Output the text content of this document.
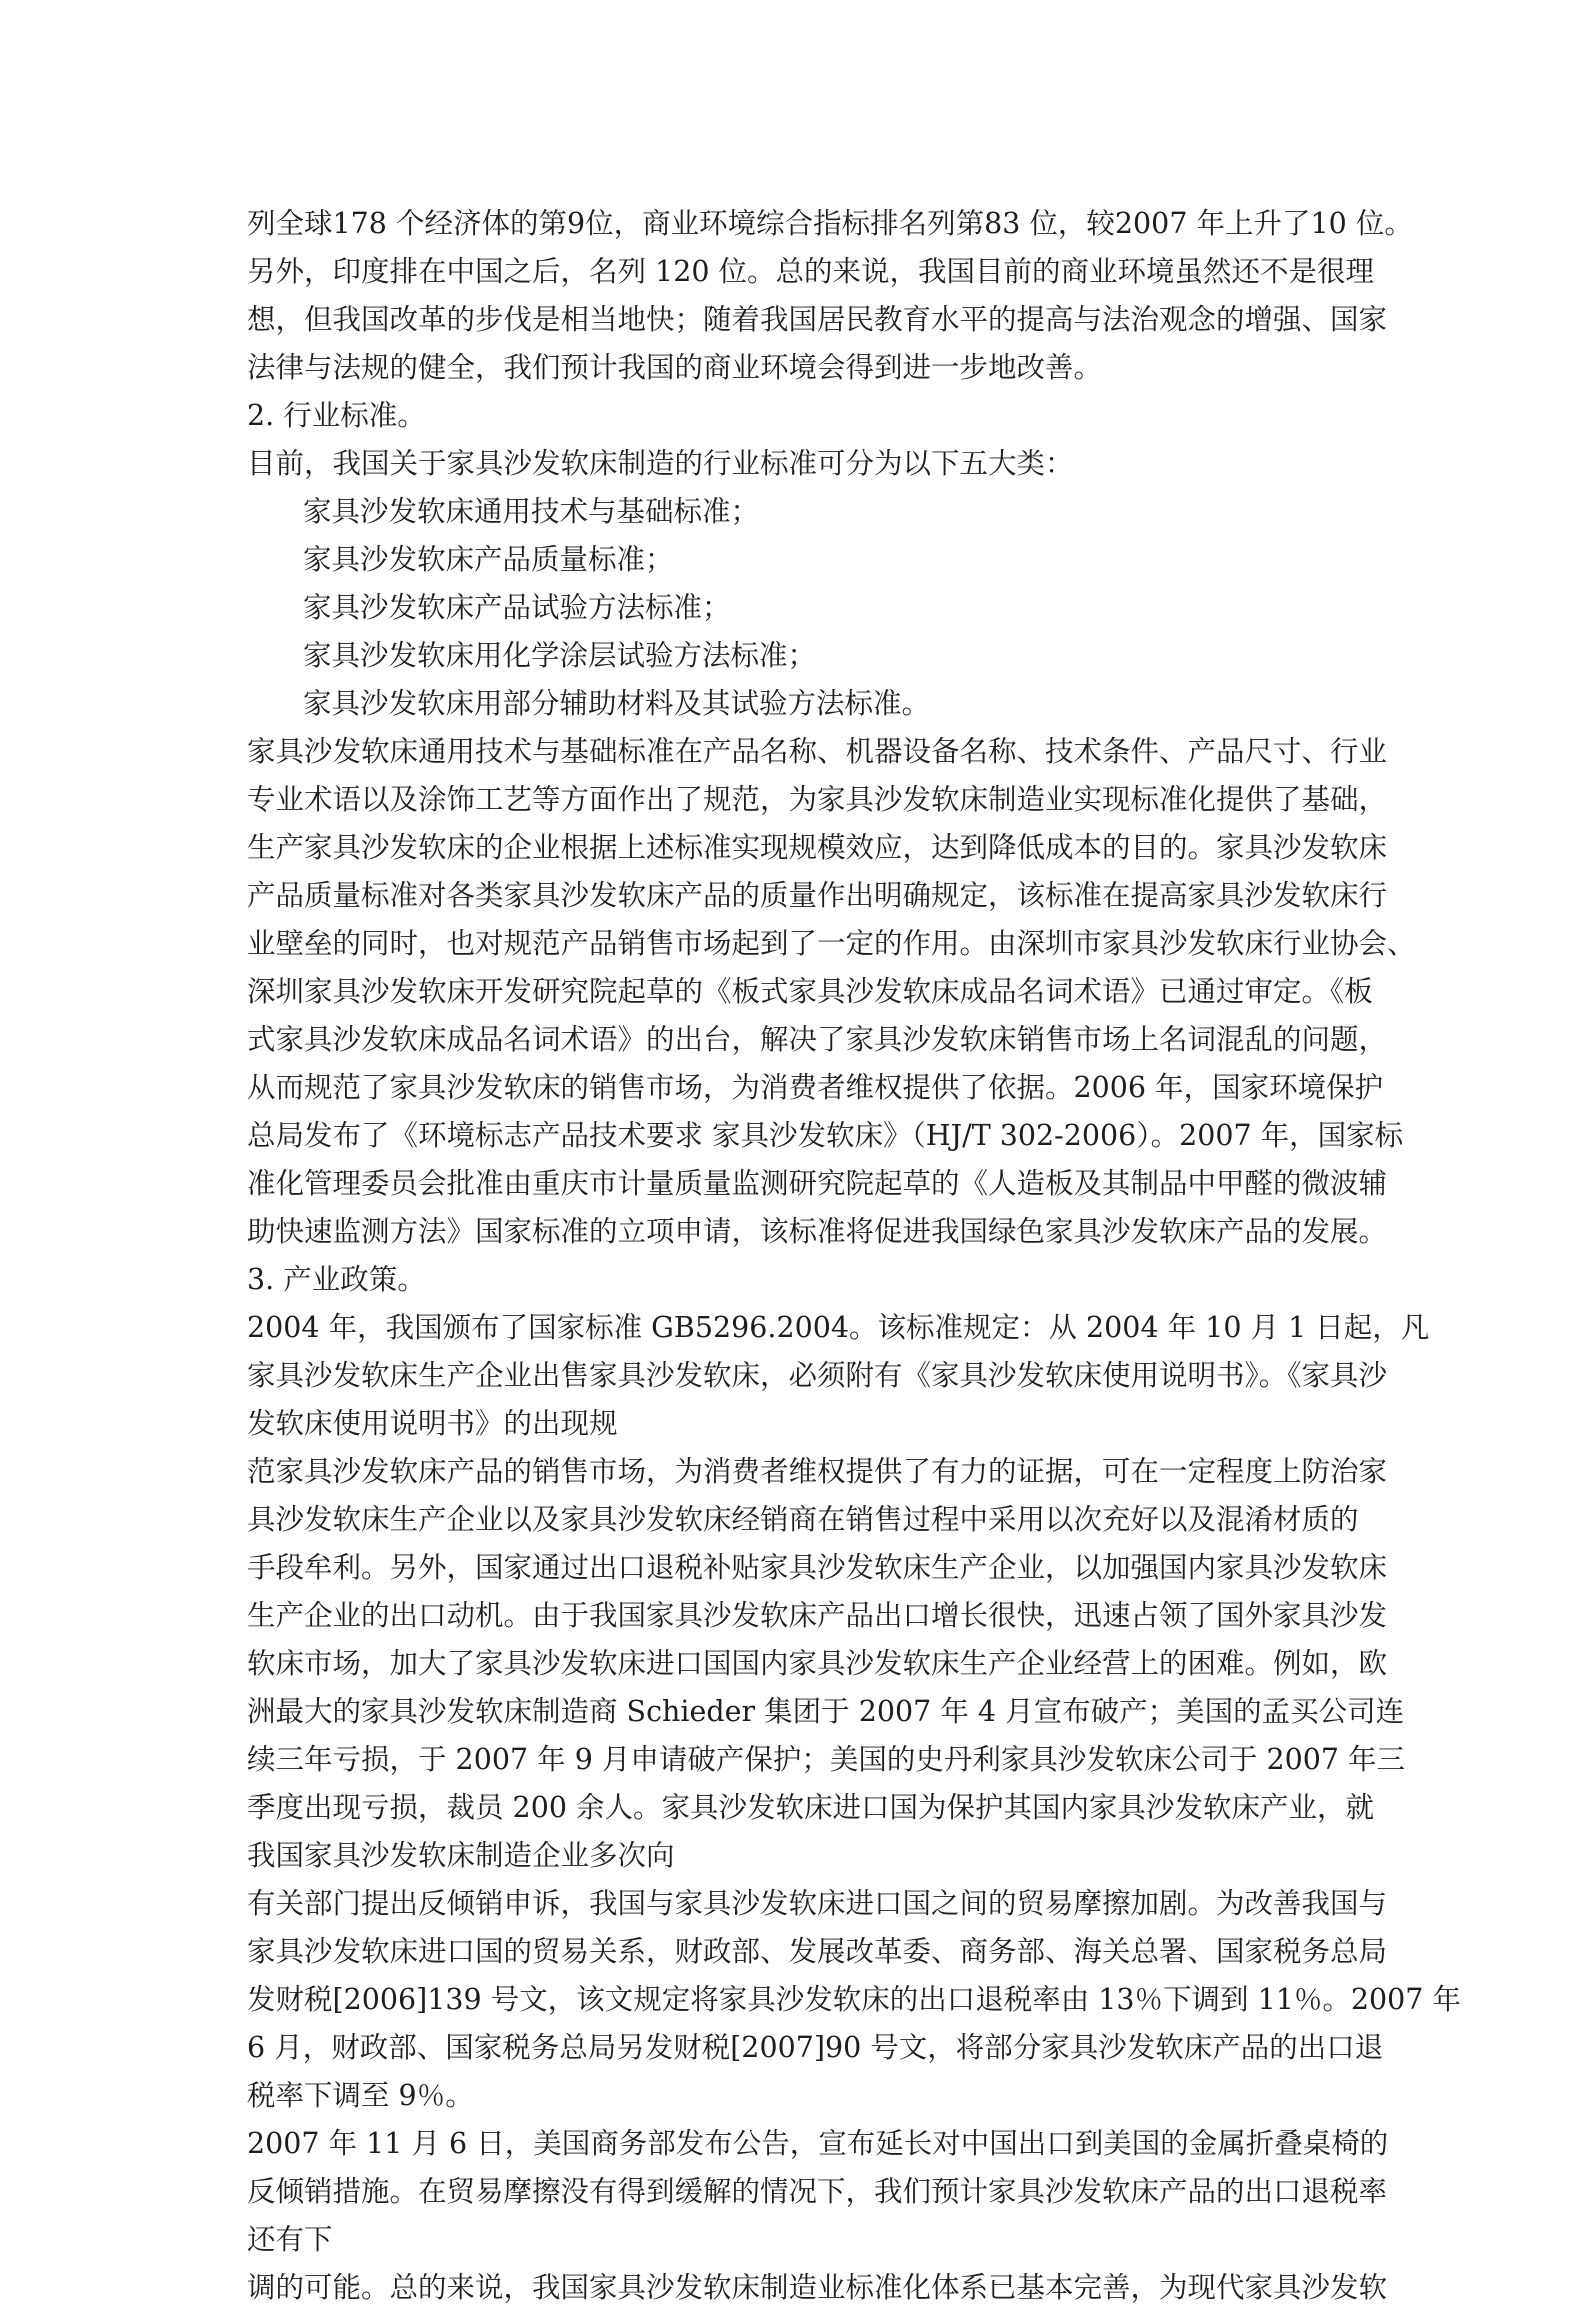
列全球178 个经济体的第9位，商业环境综合指标排名列第83 位，较2007 年上升了10 位。
另外，印度排在中国之后，名列 120 位。总的来说，我国目前的商业环境虽然还不是很理
想，但我国改革的步伐是相当地快；随着我国居民教育水平的提高与法治观念的增强、国家
法律与法规的健全，我们预计我国的商业环境会得到进一步地改善。
2. 行业标准。
目前，我国关于家具沙发软床制造的行业标准可分为以下五大类：
家具沙发软床通用技术与基础标准；
家具沙发软床产品质量标准；
家具沙发软床产品试验方法标准；
家具沙发软床用化学涂层试验方法标准；
家具沙发软床用部分辅助材料及其试验方法标准。
家具沙发软床通用技术与基础标准在产品名称、机器设备名称、技术条件、产品尺寸、行业
专业术语以及涂饰工艺等方面作出了规范，为家具沙发软床制造业实现标准化提供了基础，
生产家具沙发软床的企业根据上述标准实现规模效应，达到降低成本的目的。家具沙发软床
产品质量标准对各类家具沙发软床产品的质量作出明确规定，该标准在提高家具沙发软床行
业壁垒的同时，也对规范产品销售市场起到了一定的作用。由深圳市家具沙发软床行业协会、
深圳家具沙发软床开发研究院起草的《板式家具沙发软床成品名词术语》已通过审定。《板
式家具沙发软床成品名词术语》的出台，解决了家具沙发软床销售市场上名词混乱的问题，
从而规范了家具沙发软床的销售市场，为消费者维权提供了依据。2006 年，国家环境保护
总局发布了《环境标志产品技术要求 家具沙发软床》（HJ/T 302-2006）。2007 年，国家标
准化管理委员会批准由重庆市计量质量监测研究院起草的《人造板及其制品中甲醛的微波辅
助快速监测方法》国家标准的立项申请，该标准将促进我国绿色家具沙发软床产品的发展。
3. 产业政策。
2004 年，我国颁布了国家标准 GB5296.2004。该标准规定：从 2004 年 10 月 1 日起，凡
家具沙发软床生产企业出售家具沙发软床，必须附有《家具沙发软床使用说明书》。《家具沙
发软床使用说明书》的出现规
范家具沙发软床产品的销售市场，为消费者维权提供了有力的证据，可在一定程度上防治家
具沙发软床生产企业以及家具沙发软床经销商在销售过程中采用以次充好以及混淆材质的
手段牟利。另外，国家通过出口退税补贴家具沙发软床生产企业，以加强国内家具沙发软床
生产企业的出口动机。由于我国家具沙发软床产品出口增长很快，迅速占领了国外家具沙发
软床市场，加大了家具沙发软床进口国国内家具沙发软床生产企业经营上的困难。例如，欧
洲最大的家具沙发软床制造商 Schieder 集团于 2007 年 4 月宣布破产；美国的孟买公司连
续三年亏损，于 2007 年 9 月申请破产保护；美国的史丹利家具沙发软床公司于 2007 年三
季度出现亏损，裁员 200 余人。家具沙发软床进口国为保护其国内家具沙发软床产业，就
我国家具沙发软床制造企业多次向
有关部门提出反倾销申诉，我国与家具沙发软床进口国之间的贸易摩擦加剧。为改善我国与
家具沙发软床进口国的贸易关系，财政部、发展改革委、商务部、海关总署、国家税务总局
发财税[2006]139 号文，该文规定将家具沙发软床的出口退税率由 13％下调到 11％。2007 年
6 月，财政部、国家税务总局另发财税[2007]90 号文，将部分家具沙发软床产品的出口退
税率下调至 9％。
2007 年 11 月 6 日，美国商务部发布公告，宣布延长对中国出口到美国的金属折叠桌椅的
反倾销措施。在贸易摩擦没有得到缓解的情况下，我们预计家具沙发软床产品的出口退税率
还有下
调的可能。总的来说，我国家具沙发软床制造业标准化体系已基本完善，为现代家具沙发软
